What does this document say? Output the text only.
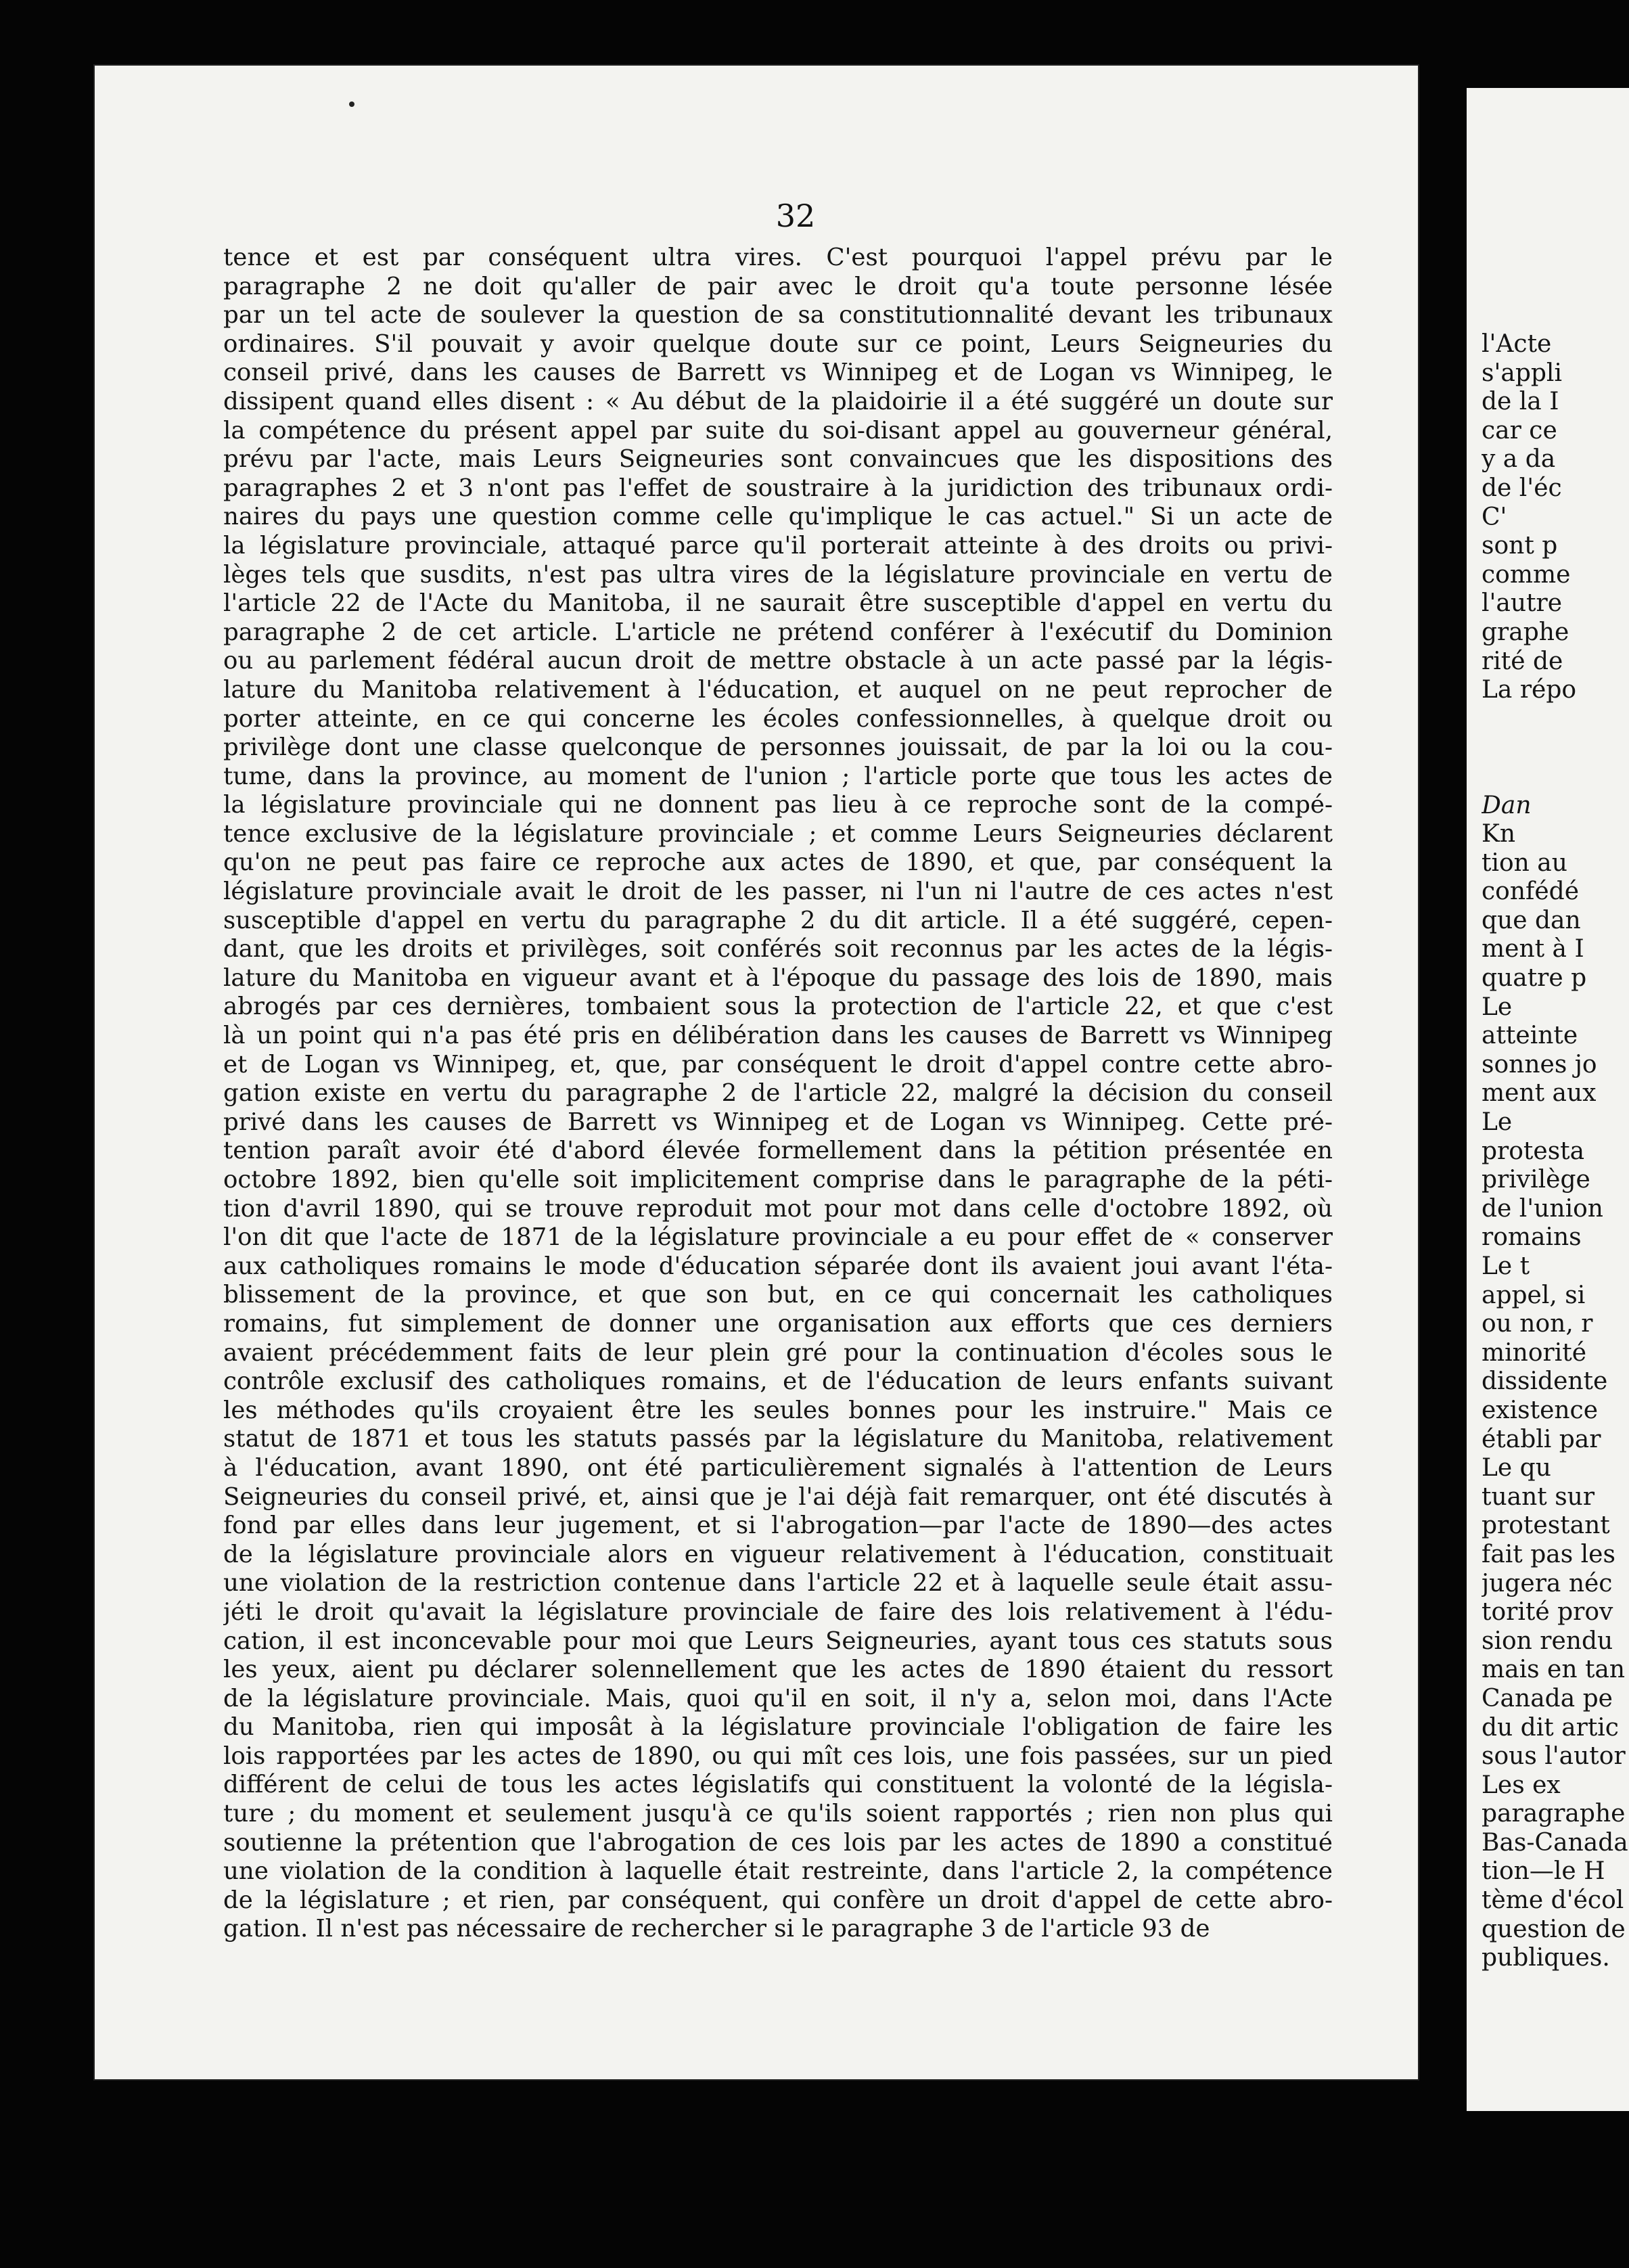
32
tence et est par conséquent ultra vires. C'est pourquoi l'appel prévu par le
paragraphe 2 ne doit qu'aller de pair avec le droit qu'a toute personne lésée
par un tel acte de soulever la question de sa constitutionnalité devant les tribunaux
ordinaires. S'il pouvait y avoir quelque doute sur ce point, Leurs Seigneuries du
conseil privé, dans les causes de Barrett vs Winnipeg et de Logan vs Winnipeg, le
dissipent quand elles disent : « Au début de la plaidoirie il a été suggéré un doute sur
la compétence du présent appel par suite du soi-disant appel au gouverneur général,
prévu par l'acte, mais Leurs Seigneuries sont convaincues que les dispositions des
paragraphes 2 et 3 n'ont pas l'effet de soustraire à la juridiction des tribunaux ordi-
naires du pays une question comme celle qu'implique le cas actuel." Si un acte de
la législature provinciale, attaqué parce qu'il porterait atteinte à des droits ou privi-
lèges tels que susdits, n'est pas ultra vires de la législature provinciale en vertu de
l'article 22 de l'Acte du Manitoba, il ne saurait être susceptible d'appel en vertu du
paragraphe 2 de cet article. L'article ne prétend conférer à l'exécutif du Dominion
ou au parlement fédéral aucun droit de mettre obstacle à un acte passé par la légis-
lature du Manitoba relativement à l'éducation, et auquel on ne peut reprocher de
porter atteinte, en ce qui concerne les écoles confessionnelles, à quelque droit ou
privilège dont une classe quelconque de personnes jouissait, de par la loi ou la cou-
tume, dans la province, au moment de l'union ; l'article porte que tous les actes de
la législature provinciale qui ne donnent pas lieu à ce reproche sont de la compé-
tence exclusive de la législature provinciale ; et comme Leurs Seigneuries déclarent
qu'on ne peut pas faire ce reproche aux actes de 1890, et que, par conséquent la
législature provinciale avait le droit de les passer, ni l'un ni l'autre de ces actes n'est
susceptible d'appel en vertu du paragraphe 2 du dit article. Il a été suggéré, cepen-
dant, que les droits et privilèges, soit conférés soit reconnus par les actes de la légis-
lature du Manitoba en vigueur avant et à l'époque du passage des lois de 1890, mais
abrogés par ces dernières, tombaient sous la protection de l'article 22, et que c'est
là un point qui n'a pas été pris en délibération dans les causes de Barrett vs Winnipeg
et de Logan vs Winnipeg, et, que, par conséquent le droit d'appel contre cette abro-
gation existe en vertu du paragraphe 2 de l'article 22, malgré la décision du conseil
privé dans les causes de Barrett vs Winnipeg et de Logan vs Winnipeg. Cette pré-
tention paraît avoir été d'abord élevée formellement dans la pétition présentée en
octobre 1892, bien qu'elle soit implicitement comprise dans le paragraphe de la péti-
tion d'avril 1890, qui se trouve reproduit mot pour mot dans celle d'octobre 1892, où
l'on dit que l'acte de 1871 de la législature provinciale a eu pour effet de « conserver
aux catholiques romains le mode d'éducation séparée dont ils avaient joui avant l'éta-
blissement de la province, et que son but, en ce qui concernait les catholiques
romains, fut simplement de donner une organisation aux efforts que ces derniers
avaient précédemment faits de leur plein gré pour la continuation d'écoles sous le
contrôle exclusif des catholiques romains, et de l'éducation de leurs enfants suivant
les méthodes qu'ils croyaient être les seules bonnes pour les instruire." Mais ce
statut de 1871 et tous les statuts passés par la législature du Manitoba, relativement
à l'éducation, avant 1890, ont été particulièrement signalés à l'attention de Leurs
Seigneuries du conseil privé, et, ainsi que je l'ai déjà fait remarquer, ont été discutés à
fond par elles dans leur jugement, et si l'abrogation—par l'acte de 1890—des actes
de la législature provinciale alors en vigueur relativement à l'éducation, constituait
une violation de la restriction contenue dans l'article 22 et à laquelle seule était assu-
jéti le droit qu'avait la législature provinciale de faire des lois relativement à l'édu-
cation, il est inconcevable pour moi que Leurs Seigneuries, ayant tous ces statuts sous
les yeux, aient pu déclarer solennellement que les actes de 1890 étaient du ressort
de la législature provinciale. Mais, quoi qu'il en soit, il n'y a, selon moi, dans l'Acte
du Manitoba, rien qui imposât à la législature provinciale l'obligation de faire les
lois rapportées par les actes de 1890, ou qui mît ces lois, une fois passées, sur un pied
différent de celui de tous les actes législatifs qui constituent la volonté de la législa-
ture ; du moment et seulement jusqu'à ce qu'ils soient rapportés ; rien non plus qui
soutienne la prétention que l'abrogation de ces lois par les actes de 1890 a constitué
une violation de la condition à laquelle était restreinte, dans l'article 2, la compétence
de la législature ; et rien, par conséquent, qui confère un droit d'appel de cette abro-
gation. Il n'est pas nécessaire de rechercher si le paragraphe 3 de l'article 93 de
l'Acte
s'appli
de la I
car ce
y a da
de l'éc
C'
sont p
comme
l'autre
graphe
rité de
La répo
Dan
Kn
tion au
confédé
que dan
ment à I
quatre p
Le
atteinte
sonnes jo
ment aux
Le
protesta
privilège
de l'union
romains
Le t
appel, si
ou non, r
minorité
dissidente
existence
établi par
Le qu
tuant sur
protestant
fait pas les
jugera néc
torité prov
sion rendu
mais en tan
Canada pe
du dit artic
sous l'autor
Les ex
paragraphe
Bas-Canada
tion—le H
tème d'écol
question de
publiques.
